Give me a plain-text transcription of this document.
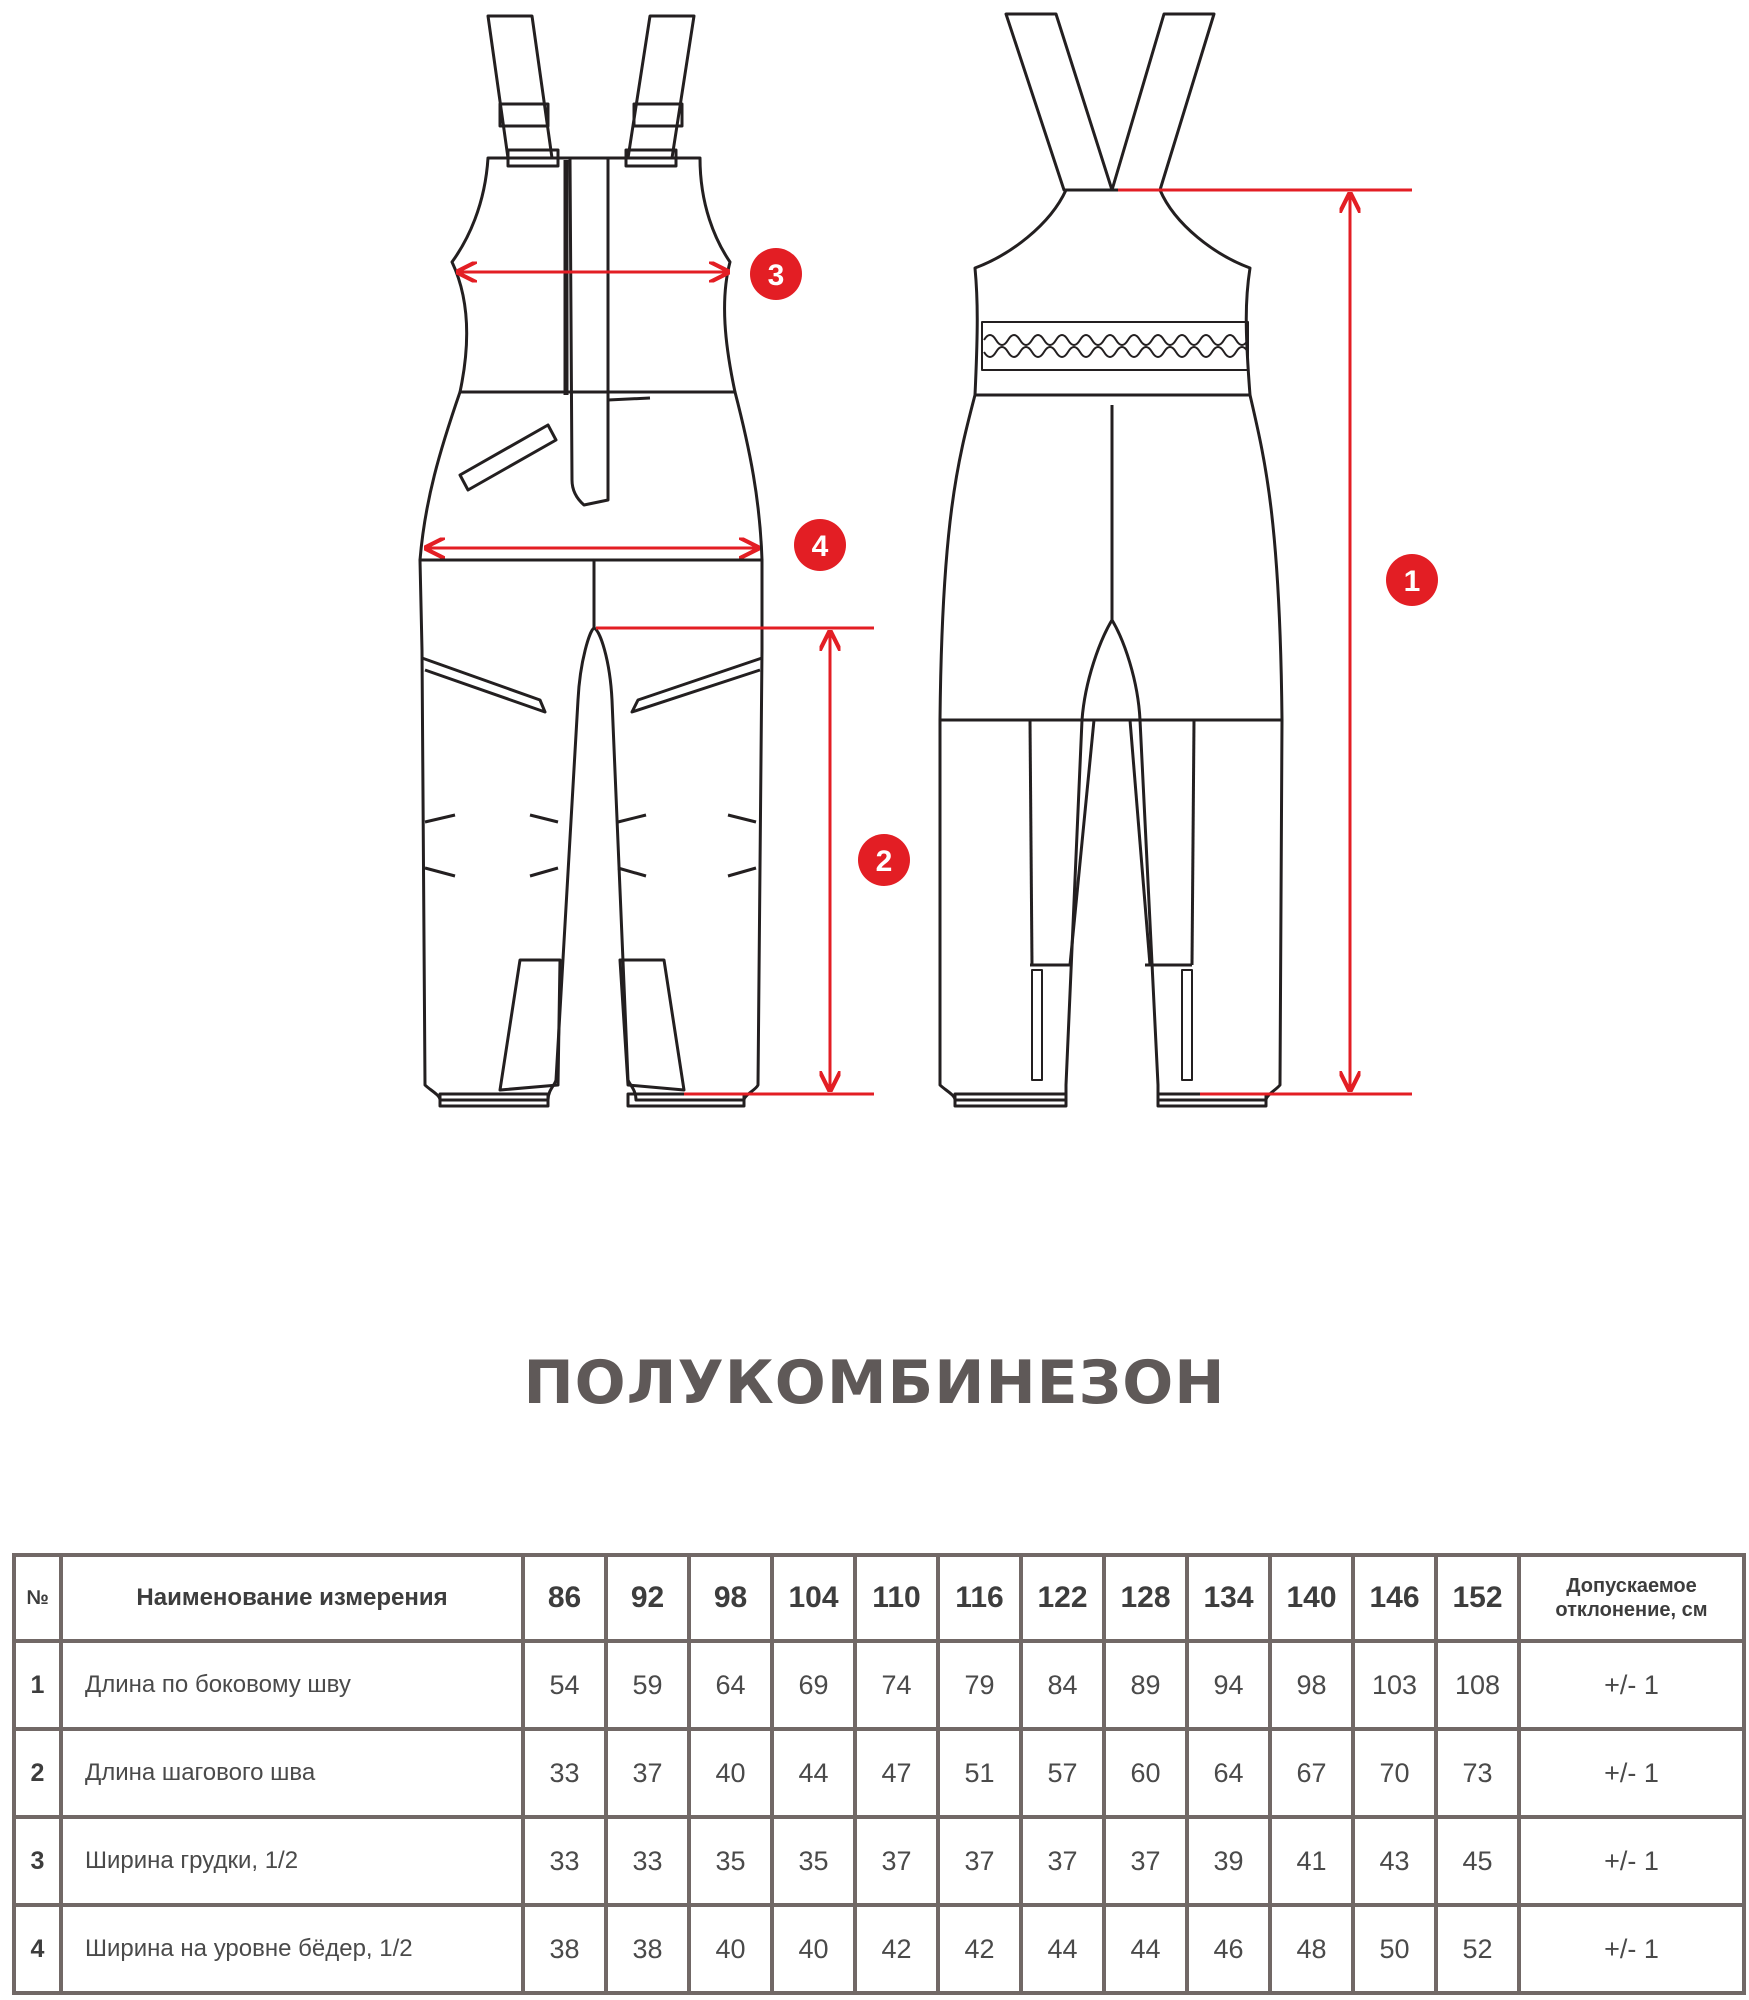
3
4
2
1
ПОЛУКОМБИНЕЗОН
№	Наименование измерения	86	92	98	104	110	116	122	128	134	140	146	152	Допускаемое отклонение, см
1	Длина по боковому шву	54	59	64	69	74	79	84	89	94	98	103	108	+/- 1
2	Длина шагового шва	33	37	40	44	47	51	57	60	64	67	70	73	+/- 1
3	Ширина грудки, 1/2	33	33	35	35	37	37	37	37	39	41	43	45	+/- 1
4	Ширина на уровне бёдер, 1/2	38	38	40	40	42	42	44	44	46	48	50	52	+/- 1
